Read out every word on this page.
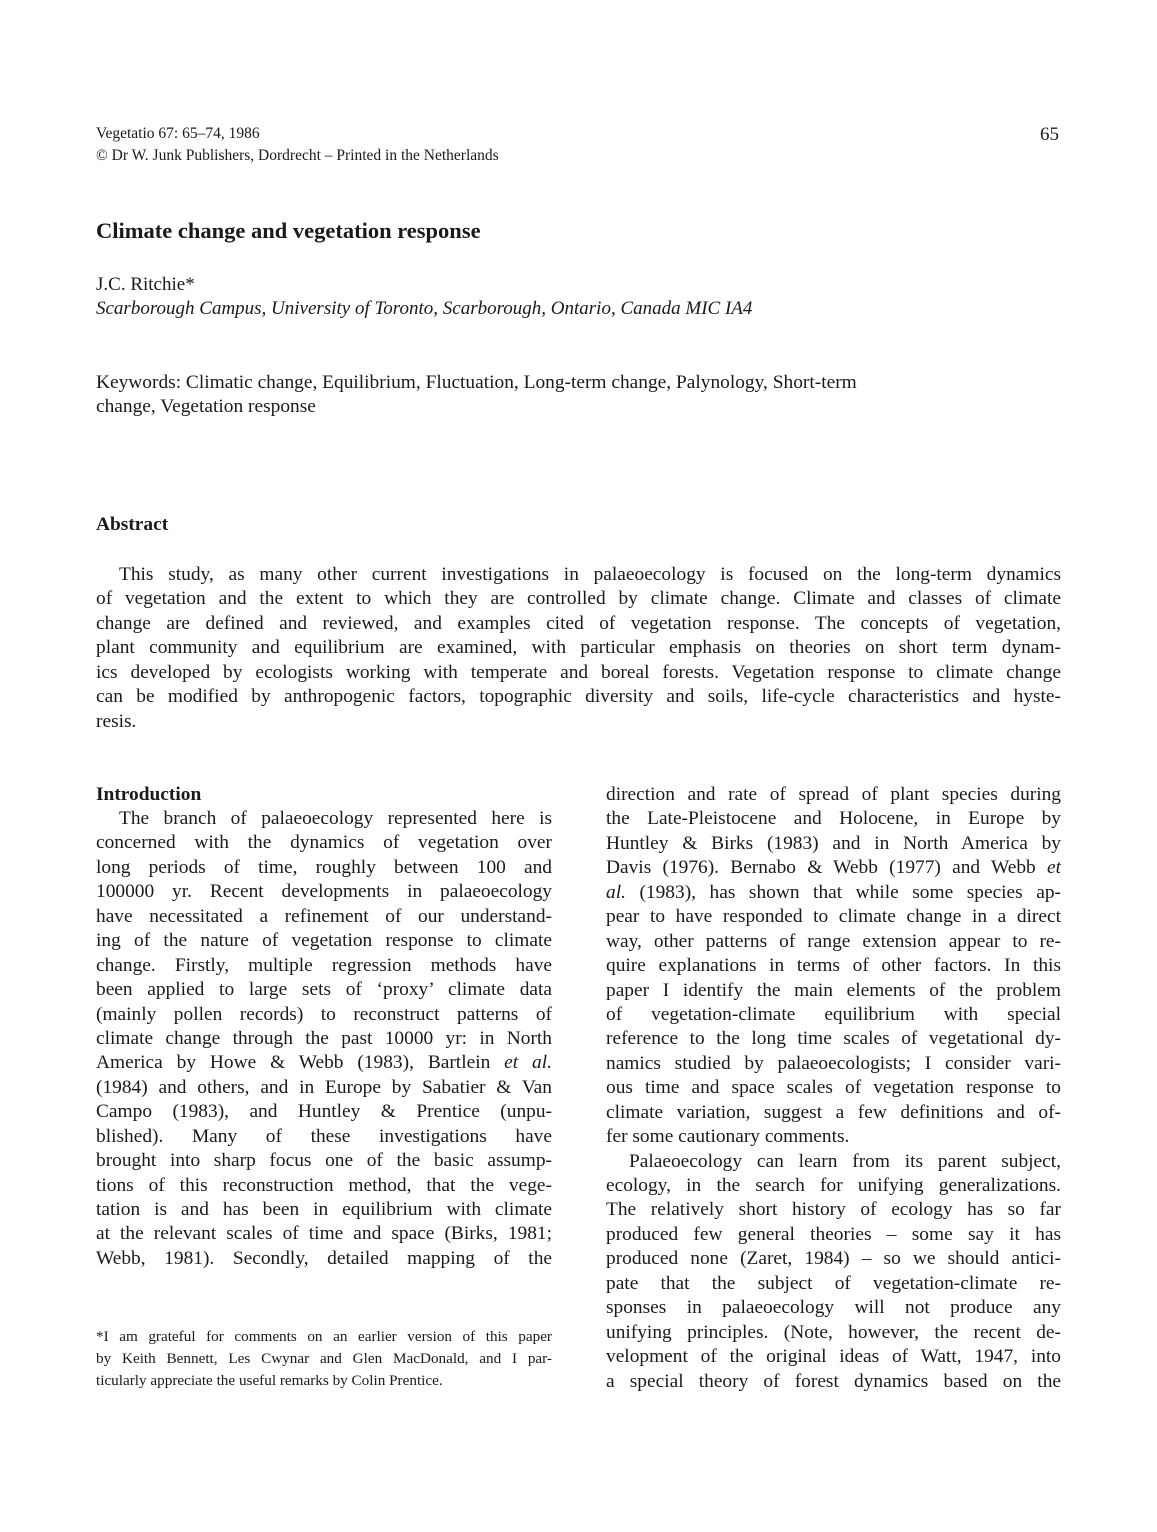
Vegetatio 67: 65–74, 1986
© Dr W. Junk Publishers, Dordrecht – Printed in the Netherlands
65
Climate change and vegetation response
J.C. Ritchie*
Scarborough Campus, University of Toronto, Scarborough, Ontario, Canada MIC IA4
Keywords: Climatic change, Equilibrium, Fluctuation, Long-term change, Palynology, Short-term
change, Vegetation response
Abstract
This study, as many other current investigations in palaeoecology is focused on the long-term dynamics
of vegetation and the extent to which they are controlled by climate change. Climate and classes of climate
change are defined and reviewed, and examples cited of vegetation response. The concepts of vegetation,
plant community and equilibrium are examined, with particular emphasis on theories on short term dynam-
ics developed by ecologists working with temperate and boreal forests. Vegetation response to climate change
can be modified by anthropogenic factors, topographic diversity and soils, life-cycle characteristics and hyste-
resis.
Introduction
The branch of palaeoecology represented here is
concerned with the dynamics of vegetation over
long periods of time, roughly between 100 and
100000 yr. Recent developments in palaeoecology
have necessitated a refinement of our understand-
ing of the nature of vegetation response to climate
change. Firstly, multiple regression methods have
been applied to large sets of ‘proxy’ climate data
(mainly pollen records) to reconstruct patterns of
climate change through the past 10000 yr: in North
America by Howe & Webb (1983), Bartlein et al.
(1984) and others, and in Europe by Sabatier & Van
Campo (1983), and Huntley & Prentice (unpu-
blished). Many of these investigations have
brought into sharp focus one of the basic assump-
tions of this reconstruction method, that the vege-
tation is and has been in equilibrium with climate
at the relevant scales of time and space (Birks, 1981;
Webb, 1981). Secondly, detailed mapping of the
direction and rate of spread of plant species during
the Late-Pleistocene and Holocene, in Europe by
Huntley & Birks (1983) and in North America by
Davis (1976). Bernabo & Webb (1977) and Webb et
al. (1983), has shown that while some species ap-
pear to have responded to climate change in a direct
way, other patterns of range extension appear to re-
quire explanations in terms of other factors. In this
paper I identify the main elements of the problem
of vegetation-climate equilibrium with special
reference to the long time scales of vegetational dy-
namics studied by palaeoecologists; I consider vari-
ous time and space scales of vegetation response to
climate variation, suggest a few definitions and of-
fer some cautionary comments.
Palaeoecology can learn from its parent subject,
ecology, in the search for unifying generalizations.
The relatively short history of ecology has so far
produced few general theories – some say it has
produced none (Zaret, 1984) – so we should antici-
pate that the subject of vegetation-climate re-
sponses in palaeoecology will not produce any
unifying principles. (Note, however, the recent de-
velopment of the original ideas of Watt, 1947, into
a special theory of forest dynamics based on the
*I am grateful for comments on an earlier version of this paper
by Keith Bennett, Les Cwynar and Glen MacDonald, and I par-
ticularly appreciate the useful remarks by Colin Prentice.
